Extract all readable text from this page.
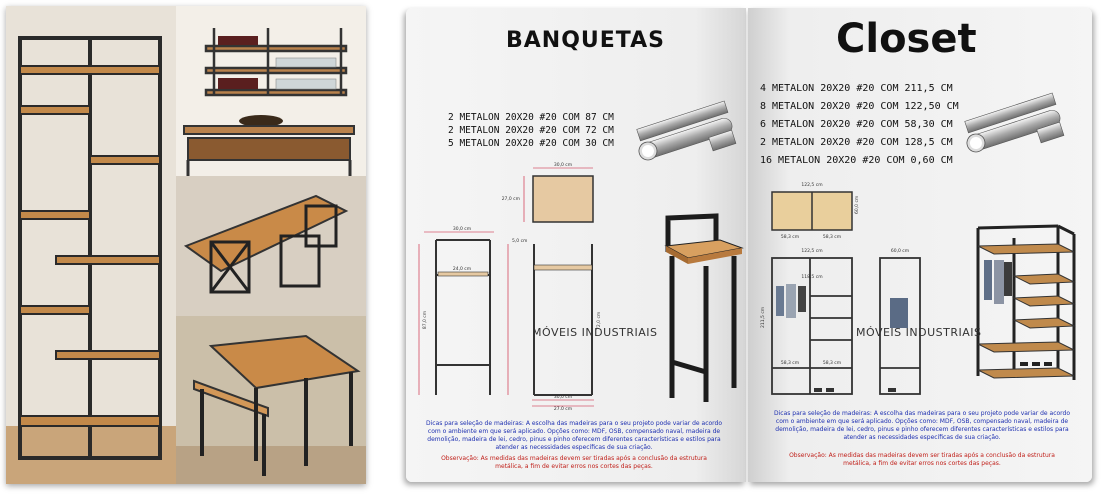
BANQUETAS
2 METALON 20X20 #20 COM 87 CM
2 METALON 20X20 #20 COM 72 CM
5 METALON 20X20 #20 COM 30 CM
30,0 cm
27,0 cm
30,0 cm
24,0 cm
87,0 cm
5,0 cm
72,0 cm
30,0 cm
27,0 cm
MÓVEIS INDUSTRIAIS
Dicas para seleção de madeiras: A escolha das madeiras para o seu projeto pode variar de acordo com o ambiente em que será aplicado. Opções como: MDF, OSB, compensado naval, madeira de demolição, madeira de lei, cedro, pinus e pinho oferecem diferentes características e estilos para atender as necessidades específicas de sua criação.
Observação: As medidas das madeiras devem ser tiradas após a conclusão da estrutura metálica, a fim de evitar erros nos cortes das peças.
Closet
4 METALON 20X20 #20 COM 211,5 CM
8 METALON 20X20 #20 COM 122,50 CM
6 METALON 20X20 #20 COM 58,30 CM
2 METALON 20X20 #20 COM 128,5 CM
16 METALON 20X20 #20 COM 0,60 CM
122,5 cm
60,0 cm
58,3 cm	58,3 cm
122,5 cm
118,5 cm
211,5 cm
58,3 cm	58,3 cm
60,0 cm
MÓVEIS INDUSTRIAIS
Dicas para seleção de madeiras: A escolha das madeiras para o seu projeto pode variar de acordo com o ambiente em que será aplicado. Opções como: MDF, OSB, compensado naval, madeira de demolição, madeira de lei, cedro, pinus e pinho oferecem diferentes características e estilos para atender as necessidades específicas de sua criação.
Observação: As medidas das madeiras devem ser tiradas após a conclusão da estrutura metálica, a fim de evitar erros nos cortes das peças.
